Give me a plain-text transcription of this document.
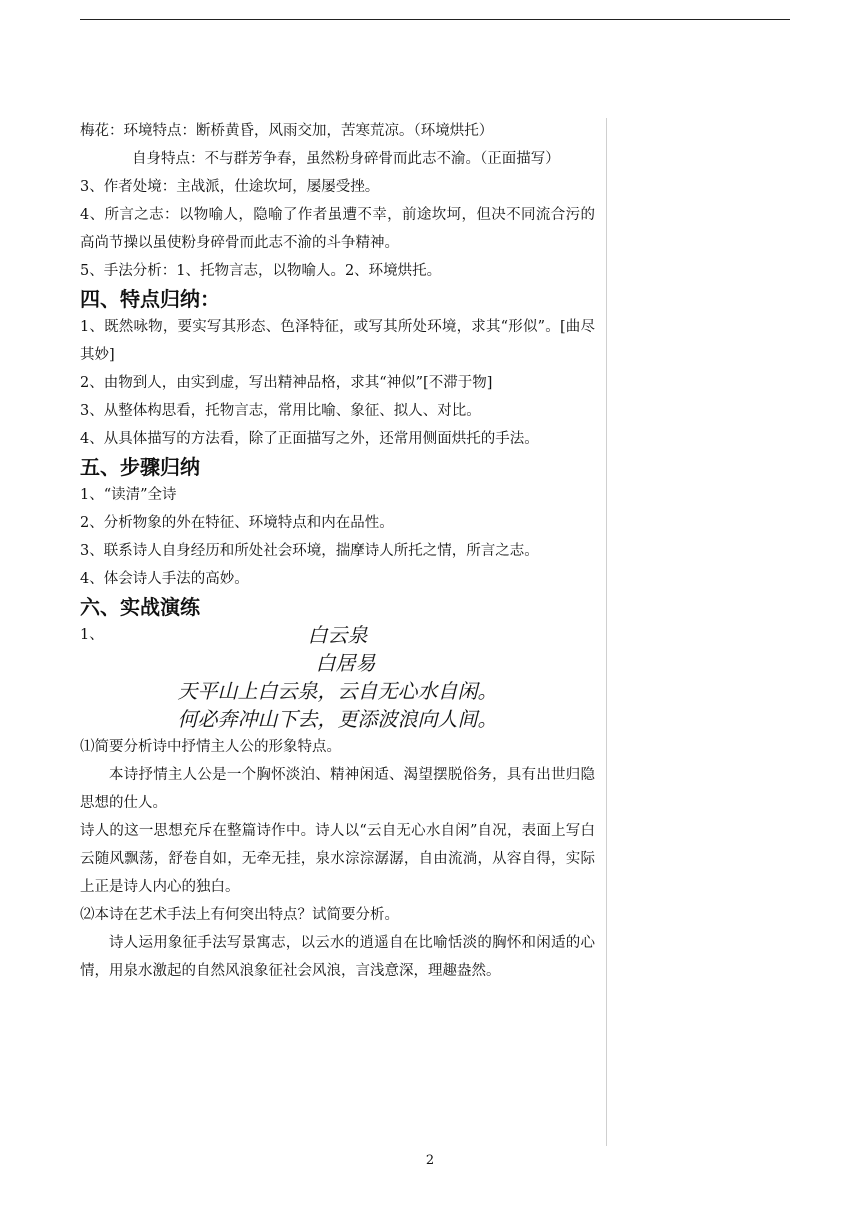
梅花：环境特点：断桥黄昏，风雨交加，苦寒荒凉。（环境烘托）

自身特点：不与群芳争春，虽然粉身碎骨而此志不渝。（正面描写）

3、作者处境：主战派，仕途坎坷，屡屡受挫。

4、所言之志：以物喻人，隐喻了作者虽遭不幸，前途坎坷，但决不同流合污的高尚节操以虽使粉身碎骨而此志不渝的斗争精神。

5、手法分析：1、托物言志，以物喻人。2、环境烘托。

四、特点归纳：

1、既然咏物，要实写其形态、色泽特征，或写其所处环境，求其“形似”。[曲尽其妙]

2、由物到人，由实到虚，写出精神品格，求其“神似”[不滞于物]

3、从整体构思看，托物言志，常用比喻、象征、拟人、对比。

4、从具体描写的方法看，除了正面描写之外，还常用侧面烘托的手法。

五、步骤归纳

1、“读清”全诗

2、分析物象的外在特征、环境特点和内在品性。

3、联系诗人自身经历和所处社会环境，揣摩诗人所托之情，所言之志。

4、体会诗人手法的高妙。

六、实战演练
1、	白云泉
白居易
天平山上白云泉，云自无心水自闲。
何必奔冲山下去，更添波浪向人间。

⑴简要分析诗中抒情主人公的形象特点。

本诗抒情主人公是一个胸怀淡泊、精神闲适、渴望摆脱俗务，具有出世归隐思想的仕人。

诗人的这一思想充斥在整篇诗作中。诗人以“云自无心水自闲”自况，表面上写白云随风飘荡，舒卷自如，无牵无挂，泉水淙淙潺潺，自由流淌，从容自得，实际上正是诗人内心的独白。

⑵本诗在艺术手法上有何突出特点？试简要分析。

诗人运用象征手法写景寓志，以云水的逍遥自在比喻恬淡的胸怀和闲适的心情，用泉水激起的自然风浪象征社会风浪，言浅意深，理趣盎然。

2
